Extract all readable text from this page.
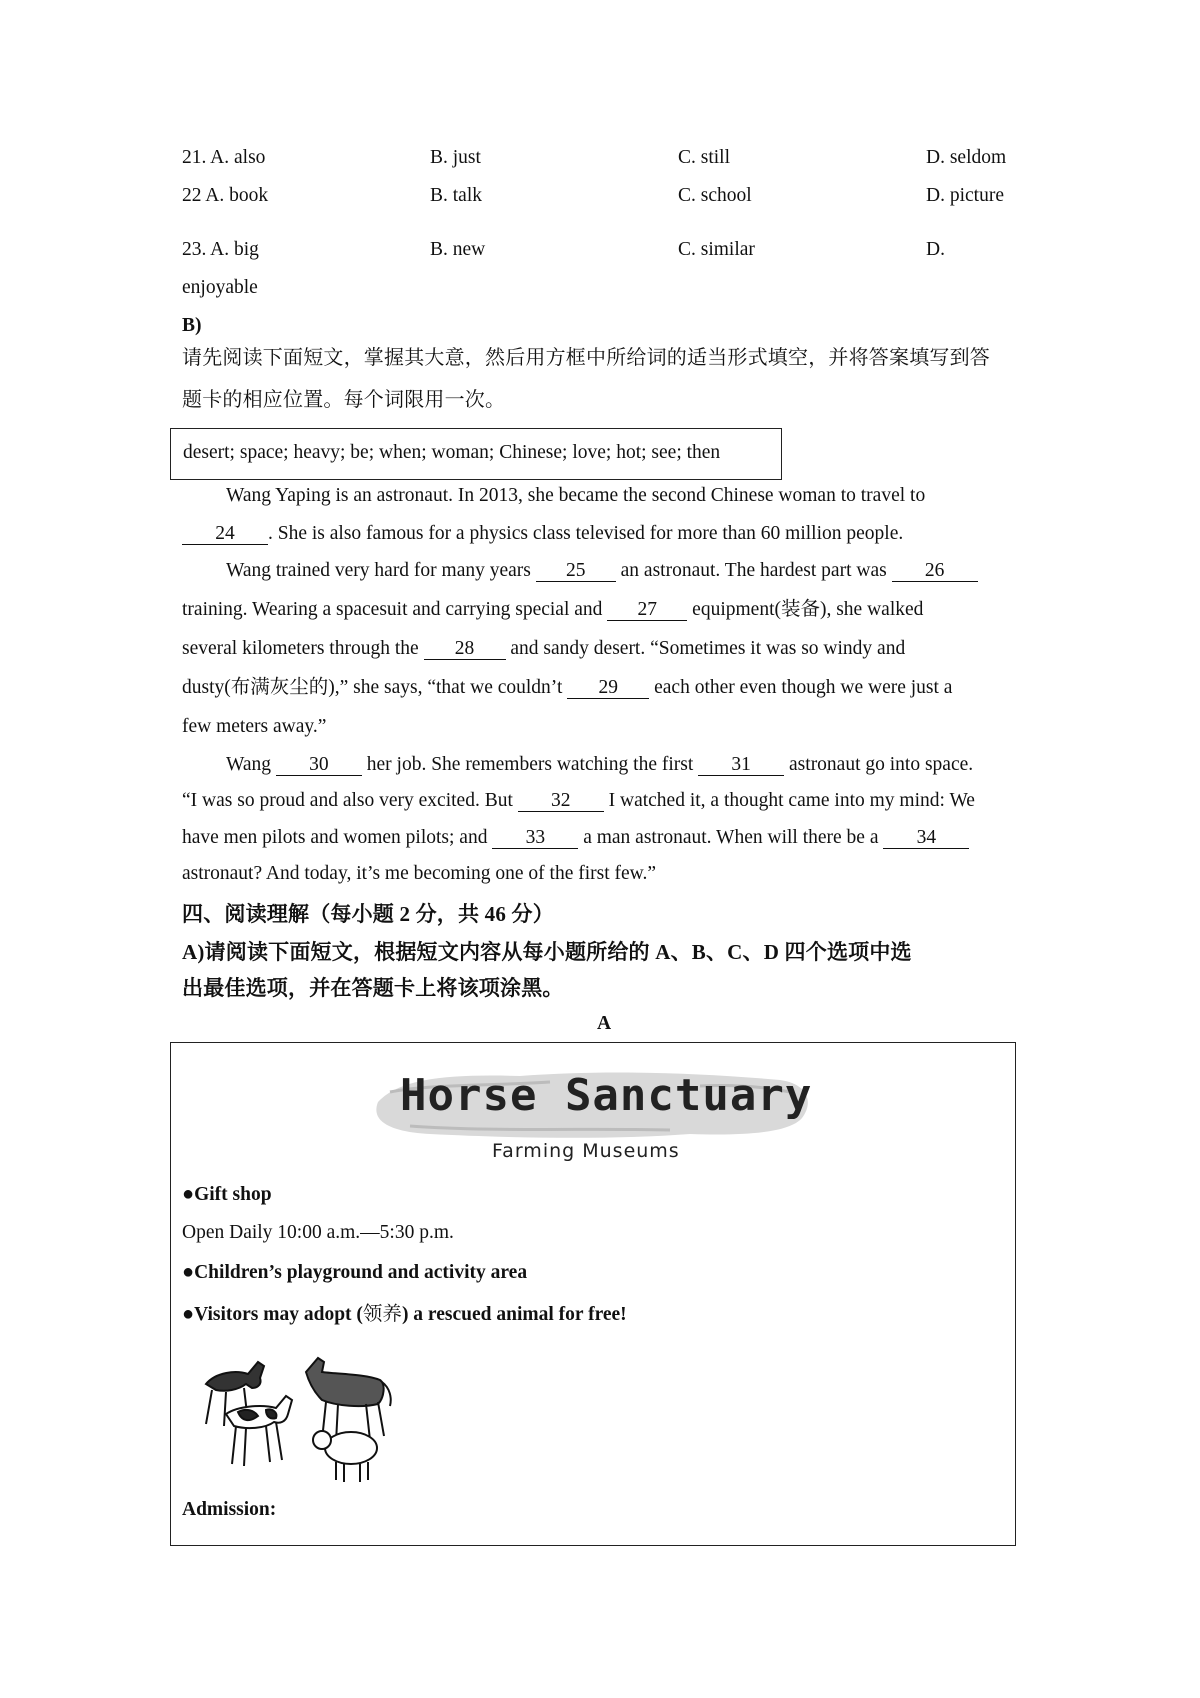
21. A. also	B. just	C. still	D. seldom
22 A. book	B. talk	C. school	D. picture
23. A. big	B. new	C. similar	D.
enjoyable
B)
请先阅读下面短文，掌握其大意，然后用方框中所给词的适当形式填空，并将答案填写到答
题卡的相应位置。每个词限用一次。
desert; space; heavy; be; when; woman; Chinese; love; hot; see; then
Wang Yaping is an astronaut. In 2013, she became the second Chinese woman to travel to
24 . She is also famous for a physics class televised for more than 60 million people.
Wang trained very hard for many years 25 an astronaut. The hardest part was 26
training. Wearing a spacesuit and carrying special and 27 equipment(装备), she walked
several kilometers through the 28 and sandy desert. “Sometimes it was so windy and
dusty(布满灰尘的),” she says, “that we couldn’t 29 each other even though we were just a
few meters away.”
Wang 30 her job. She remembers watching the first 31 astronaut go into space.
“I was so proud and also very excited. But 32 I watched it, a thought came into my mind: We
have men pilots and women pilots; and 33 a man astronaut. When will there be a 34
astronaut? And today, it’s me becoming one of the first few.”
四、阅读理解（每小题 2 分，共 46 分）
A)请阅读下面短文，根据短文内容从每小题所给的 A、B、C、D 四个选项中选
出最佳选项，并在答题卡上将该项涂黑。
A
Horse Sanctuary
Farming Museums
●Gift shop
Open Daily 10:00 a.m.—5:30 p.m.
●Children’s playground and activity area
●Visitors may adopt (领养) a rescued animal for free!
Admission:
